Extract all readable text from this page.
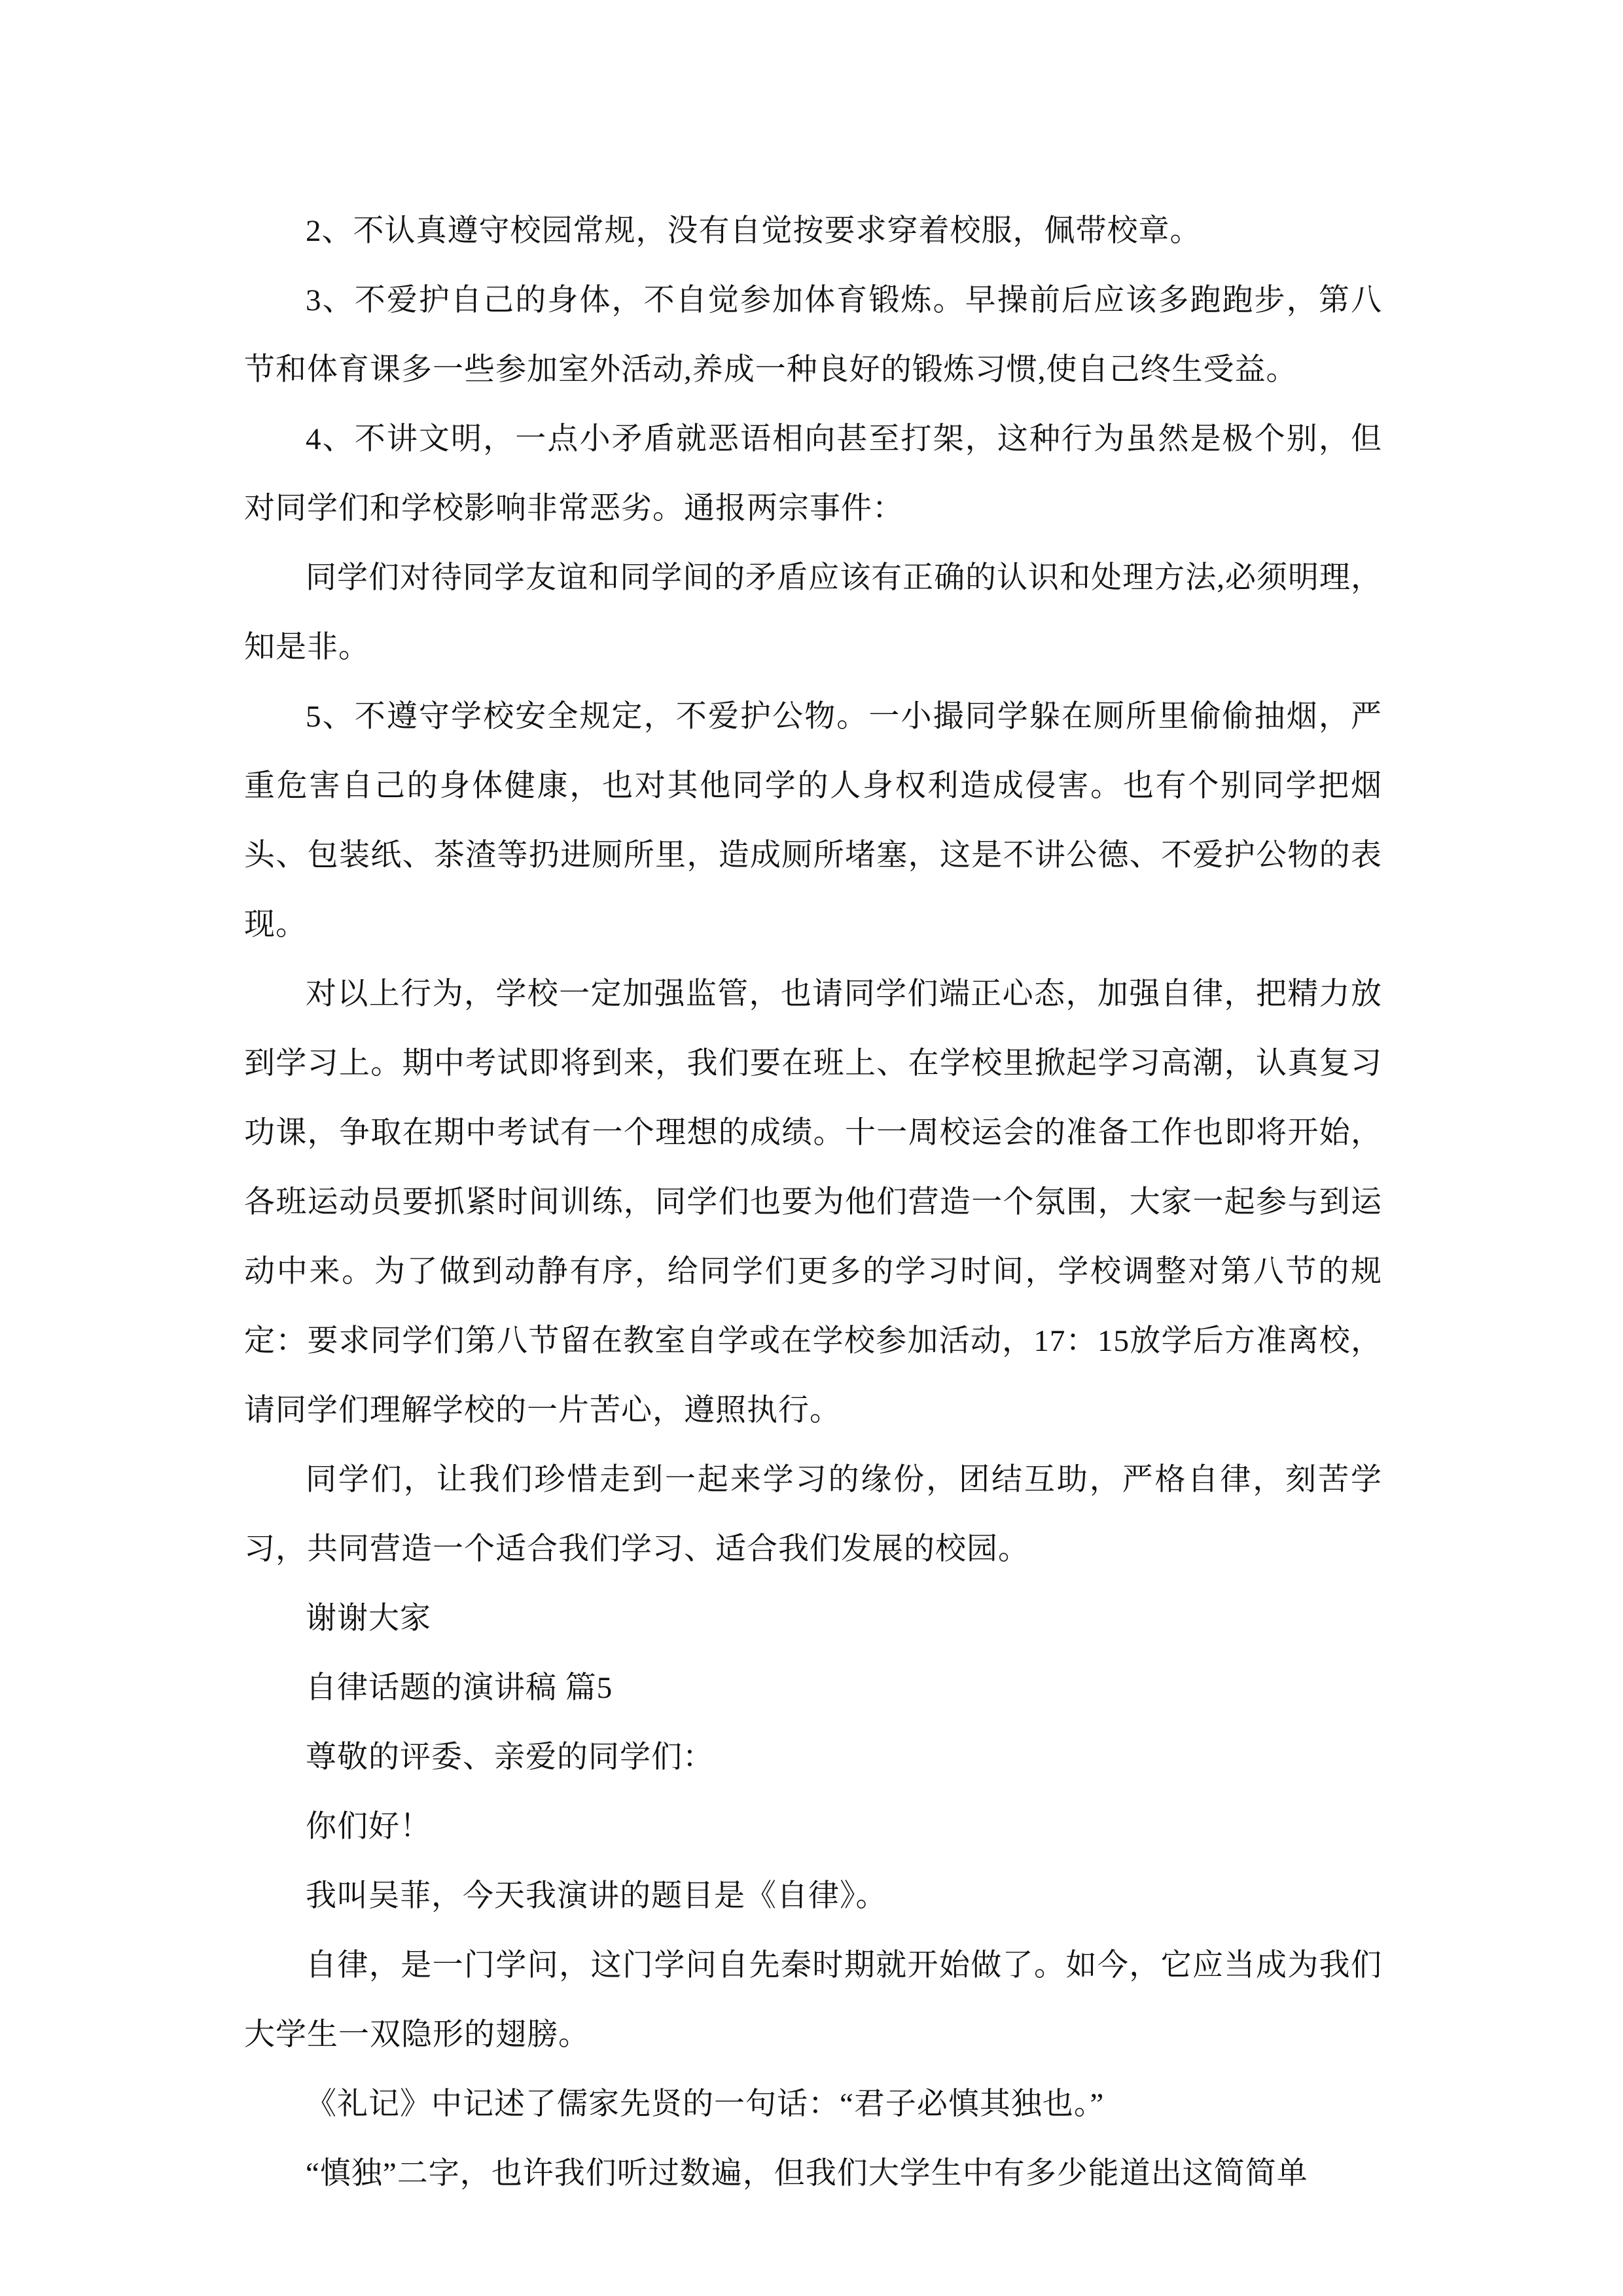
2、不认真遵守校园常规，没有自觉按要求穿着校服，佩带校章。

3、不爱护自己的身体，不自觉参加体育锻炼。早操前后应该多跑跑步，第八节和体育课多一些参加室外活动,养成一种良好的锻炼习惯,使自己终生受益。

4、不讲文明，一点小矛盾就恶语相向甚至打架，这种行为虽然是极个别，但对同学们和学校影响非常恶劣。通报两宗事件：

同学们对待同学友谊和同学间的矛盾应该有正确的认识和处理方法,必须明理，知是非。

5、不遵守学校安全规定，不爱护公物。一小撮同学躲在厕所里偷偷抽烟，严重危害自己的身体健康，也对其他同学的人身权利造成侵害。也有个别同学把烟头、包装纸、茶渣等扔进厕所里，造成厕所堵塞，这是不讲公德、不爱护公物的表现。

对以上行为，学校一定加强监管，也请同学们端正心态，加强自律，把精力放到学习上。期中考试即将到来，我们要在班上、在学校里掀起学习高潮，认真复习功课，争取在期中考试有一个理想的成绩。十一周校运会的准备工作也即将开始，各班运动员要抓紧时间训练，同学们也要为他们营造一个氛围，大家一起参与到运动中来。为了做到动静有序，给同学们更多的学习时间，学校调整对第八节的规定：要求同学们第八节留在教室自学或在学校参加活动，17：15放学后方准离校，请同学们理解学校的一片苦心，遵照执行。

同学们，让我们珍惜走到一起来学习的缘份，团结互助，严格自律，刻苦学习，共同营造一个适合我们学习、适合我们发展的校园。

谢谢大家

自律话题的演讲稿 篇5

尊敬的评委、亲爱的同学们：

你们好！

我叫吴菲，今天我演讲的题目是《自律》。

自律，是一门学问，这门学问自先秦时期就开始做了。如今，它应当成为我们大学生一双隐形的翅膀。

《礼记》中记述了儒家先贤的一句话：“君子必慎其独也。”

“慎独”二字，也许我们听过数遍，但我们大学生中有多少能道出这简简单
